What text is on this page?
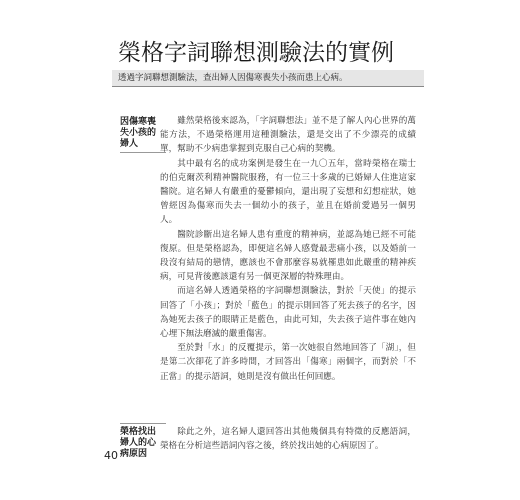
榮格字詞聯想測驗法的實例
透過字詞聯想測驗法，查出婦人因傷寒喪失小孩而患上心病。
因傷寒喪失小孩的婦人

雖然榮格後來認為，「字詞聯想法」並不是了解人內心世界的萬能方法，不過榮格運用這種測驗法，還是交出了不少漂亮的成績單，幫助不少病患掌握到克服自己心病的契機。

其中最有名的成功案例是發生在一九〇五年，當時榮格在瑞士的伯克爾茨利精神醫院服務，有一位三十多歲的已婚婦人住進這家醫院。這名婦人有嚴重的憂鬱傾向，還出現了妄想和幻想症狀，她曾經因為傷寒而失去一個幼小的孩子，並且在婚前愛過另一個男人。

醫院診斷出這名婦人患有重度的精神病，並認為她已經不可能復原。但是榮格認為，即便這名婦人感覺最悲痛小孩，以及婚前一段沒有結局的戀情，應該也不會那麼容易就罹患如此嚴重的精神疾病，可見背後應該還有另一個更深層的特殊理由。

而這名婦人透過榮格的字詞聯想測驗法，對於「天使」的提示回答了「小孩」；對於「藍色」的提示則回答了死去孩子的名字，因為她死去孩子的眼睛正是藍色，由此可知，失去孩子這件事在她內心埋下無法磨滅的嚴重傷害。

至於對「水」的反覆提示，第一次她很自然地回答了「湖」，但是第二次卻花了許多時間，才回答出「傷寒」兩個字，而對於「不正當」的提示語詞，她則是沒有做出任何回應。

榮格找出婦人的心病原因

除此之外，這名婦人還回答出其他幾個具有特徵的反應語詞，榮格在分析這些語詞內容之後，終於找出她的心病原因了。

40
